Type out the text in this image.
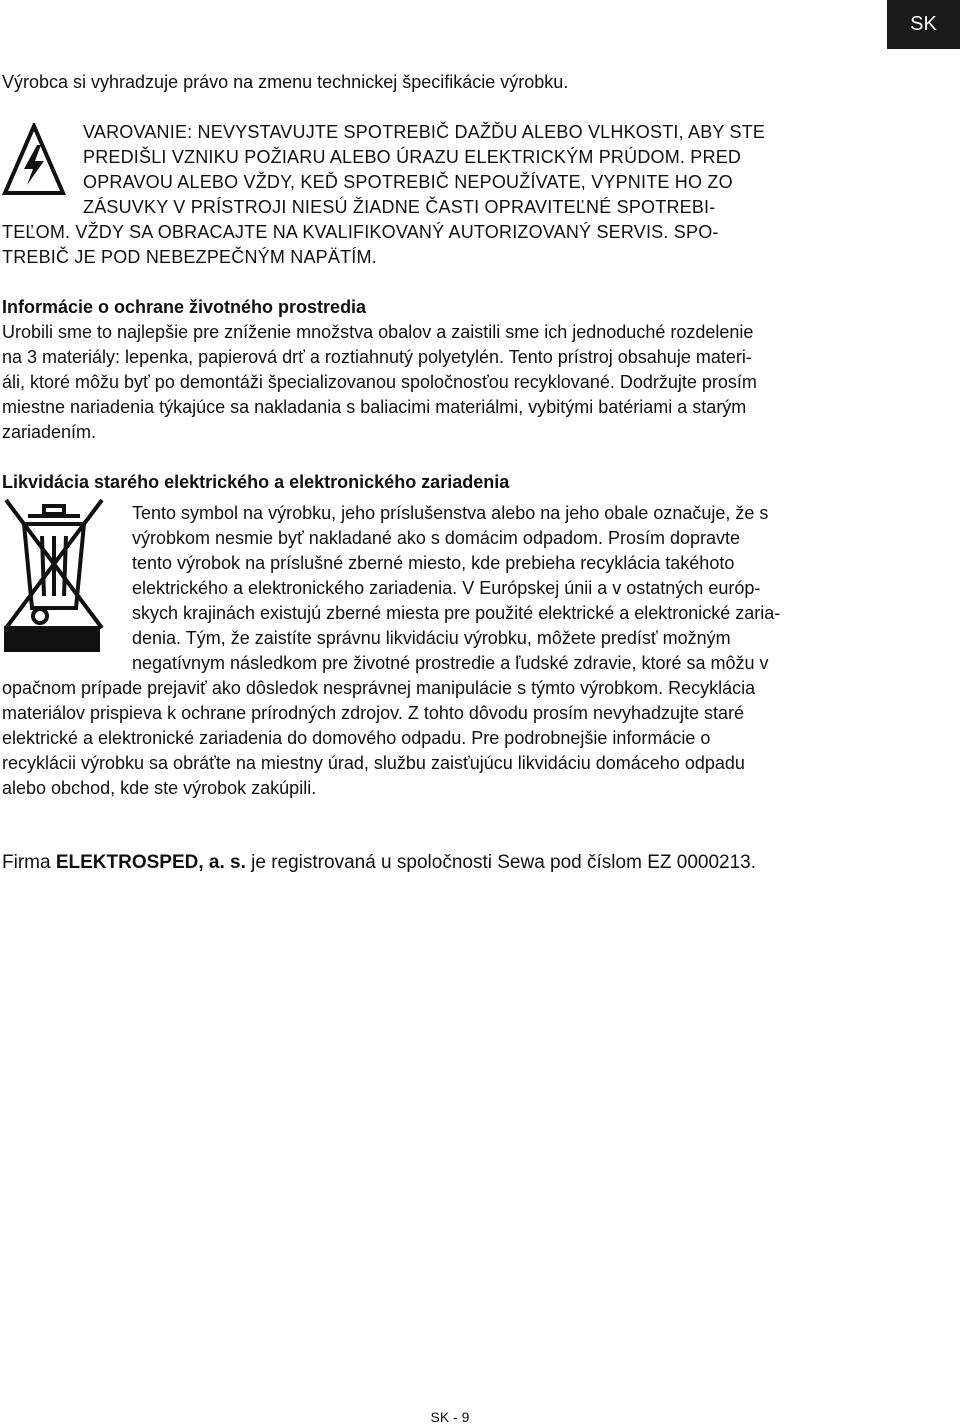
SK
Výrobca si vyhradzuje právo na zmenu technickej špecifikácie výrobku.
VAROVANIE: NEVYSTAVUJTE SPOTREBIČ DAŽĎU ALEBO VLHKOSTI, ABY STE
PREDIŠLI VZNIKU POŽIARU ALEBO ÚRAZU ELEKTRICKÝM PRÚDOM. PRED
OPRAVOU ALEBO VŽDY, KEĎ SPOTREBIČ NEPOUŽÍVATE, VYPNITE HO ZO
ZÁSUVKY V PRÍSTROJI NIESÚ ŽIADNE ČASTI OPRAVITEĽNÉ SPOTREBI-
TEĽOM. VŽDY SA OBRACAJTE NA KVALIFIKOVANÝ AUTORIZOVANÝ SERVIS. SPO-
TREBIČ JE POD NEBEZPEČNÝM NAPÄTÍM.
Informácie o ochrane životného prostredia
Urobili sme to najlepšie pre zníženie množstva obalov a zaistili sme ich jednoduché rozdelenie
na 3 materiály: lepenka, papierová drť a roztiahnutý polyetylén. Tento prístroj obsahuje materi-
áli, ktoré môžu byť po demontáži špecializovanou spoločnosťou recyklované. Dodržujte prosím
miestne nariadenia týkajúce sa nakladania s baliacimi materiálmi, vybitými batériami a starým
zariadením.
Likvidácia starého elektrického a elektronického zariadenia
Tento symbol na výrobku, jeho príslušenstva alebo na jeho obale označuje, že s
výrobkom nesmie byť nakladané ako s domácim odpadom. Prosím dopravte
tento výrobok na príslušné zberné miesto, kde prebieha recyklácia takéhoto
elektrického a elektronického zariadenia. V Európskej únii a v ostatných európ-
skych krajinách existujú zberné miesta pre použité elektrické a elektronické zaria-
denia. Tým, že zaistíte správnu likvidáciu výrobku, môžete predísť možným
negatívnym následkom pre životné prostredie a ľudské zdravie, ktoré sa môžu v
opačnom prípade prejaviť ako dôsledok nesprávnej manipulácie s týmto výrobkom. Recyklácia
materiálov prispieva k ochrane prírodných zdrojov. Z tohto dôvodu prosím nevyhadzujte staré
elektrické a elektronické zariadenia do domového odpadu. Pre podrobnejšie informácie o
recyklácii výrobku sa obráťte na miestny úrad, službu zaisťujúcu likvidáciu domáceho odpadu
alebo obchod, kde ste výrobok zakúpili.
Firma ELEKTROSPED, a. s. je registrovaná u spoločnosti Sewa pod číslom EZ 0000213.
SK - 9
